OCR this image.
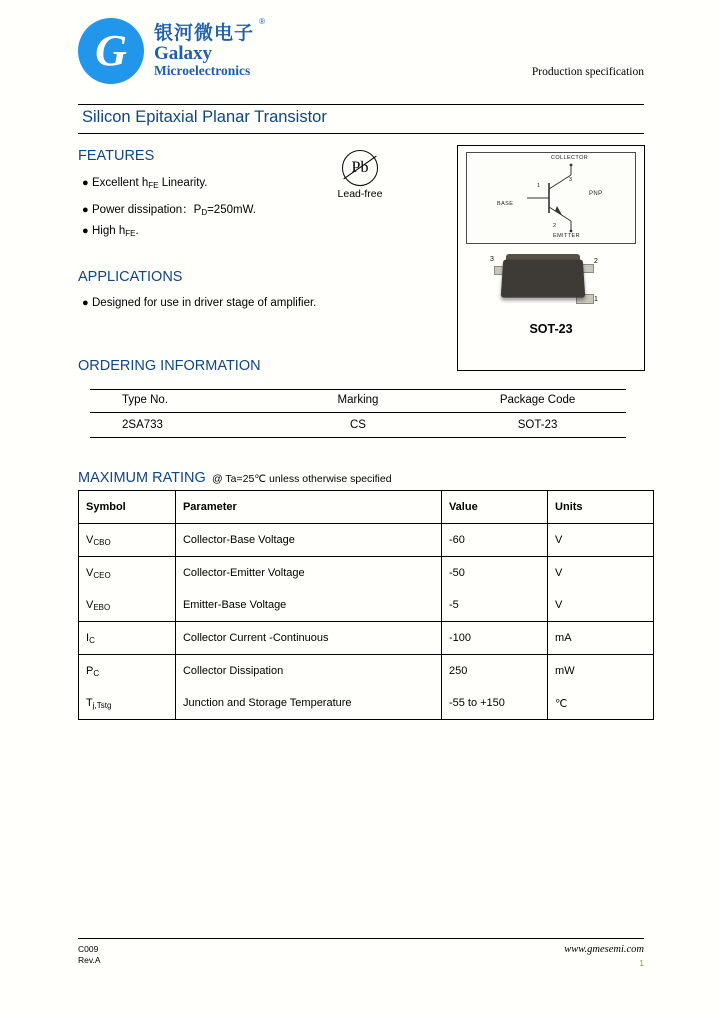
G	银河微电子
®
Galaxy
Microelectronics	Production specification
Silicon Epitaxial Planar Transistor
FEATURES
● Excellent $h_{FE}$ Linearity.
● Power dissipation：$P_D=250mW$.
● High $h_{FE}$.
Pb
Lead-free
APPLICATIONS
● Designed for use in driver stage of amplifier.
COLLECTOR
BASE
EMITTER
PNP
1
2
3
3	2
1
SOT-23
ORDERING INFORMATION
Type No.	Marking	Package Code
2SA733	CS	SOT-23
MAXIMUM RATING @ Ta=25℃ unless otherwise specified
Symbol	Parameter	Value	Units
$V_{CBO}$	Collector-Base Voltage	-60	V
$V_{CEO}$	Collector-Emitter Voltage	-50	V
$V_{EBO}$	Emitter-Base Voltage	-5	V
$I_C$	Collector Current -Continuous	-100	mA
$P_C$	Collector Dissipation	250	mW
$T_{j,Tstg}$	Junction and Storage Temperature	-55 to +150	℃
C009
Rev.A
www.gmesemi.com
1
